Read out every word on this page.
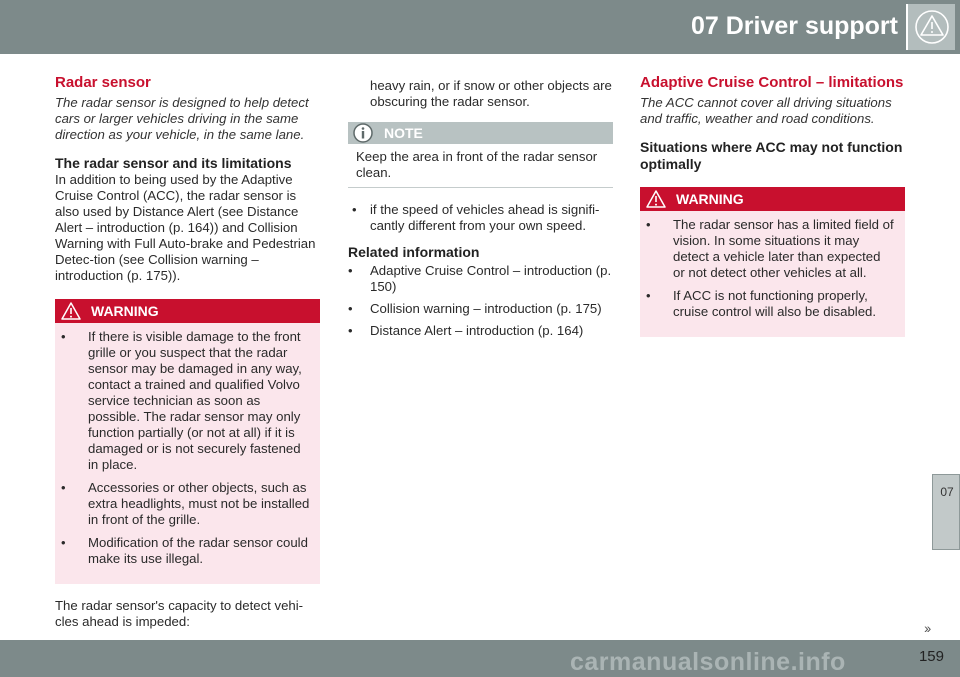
07 Driver support
Radar sensor

The radar sensor is designed to help detect cars or larger vehicles driving in the same direction as your vehicle, in the same lane.

The radar sensor and its limitations

In addition to being used by the Adaptive Cruise Control (ACC), the radar sensor is also used by Distance Alert (see Distance Alert – introduction (p. 164)) and Collision Warning with Full Auto-brake and Pedestrian Detec-tion (see Collision warning – introduction (p. 175)).

WARNING
• If there is visible damage to the front grille or you suspect that the radar sensor may be damaged in any way, contact a trained and qualified Volvo service technician as soon as possible. The radar sensor may only function partially (or not at all) if it is damaged or is not securely fastened in place.
• Accessories or other objects, such as extra headlights, must not be installed in front of the grille.
• Modification of the radar sensor could make its use illegal.

The radar sensor's capacity to detect vehi-cles ahead is impeded:

•

heavy rain, or if snow or other objects are obscuring the radar sensor.

NOTE

Keep the area in front of the radar sensor clean.

• if the speed of vehicles ahead is signifi-cantly different from your own speed.
Related information
• Adaptive Cruise Control – introduction (p. 150)
• Collision warning – introduction (p. 175)
• Distance Alert – introduction (p. 164)
Adaptive Cruise Control – limitations

The ACC cannot cover all driving situations and traffic, weather and road conditions.

Situations where ACC may not function optimally
WARNING
• The radar sensor has a limited field of vision. In some situations it may detect a vehicle later than expected or not detect other vehicles at all.
• If ACC is not functioning properly, cruise control will also be disabled.
07
››
159
carmanualsonline.info
